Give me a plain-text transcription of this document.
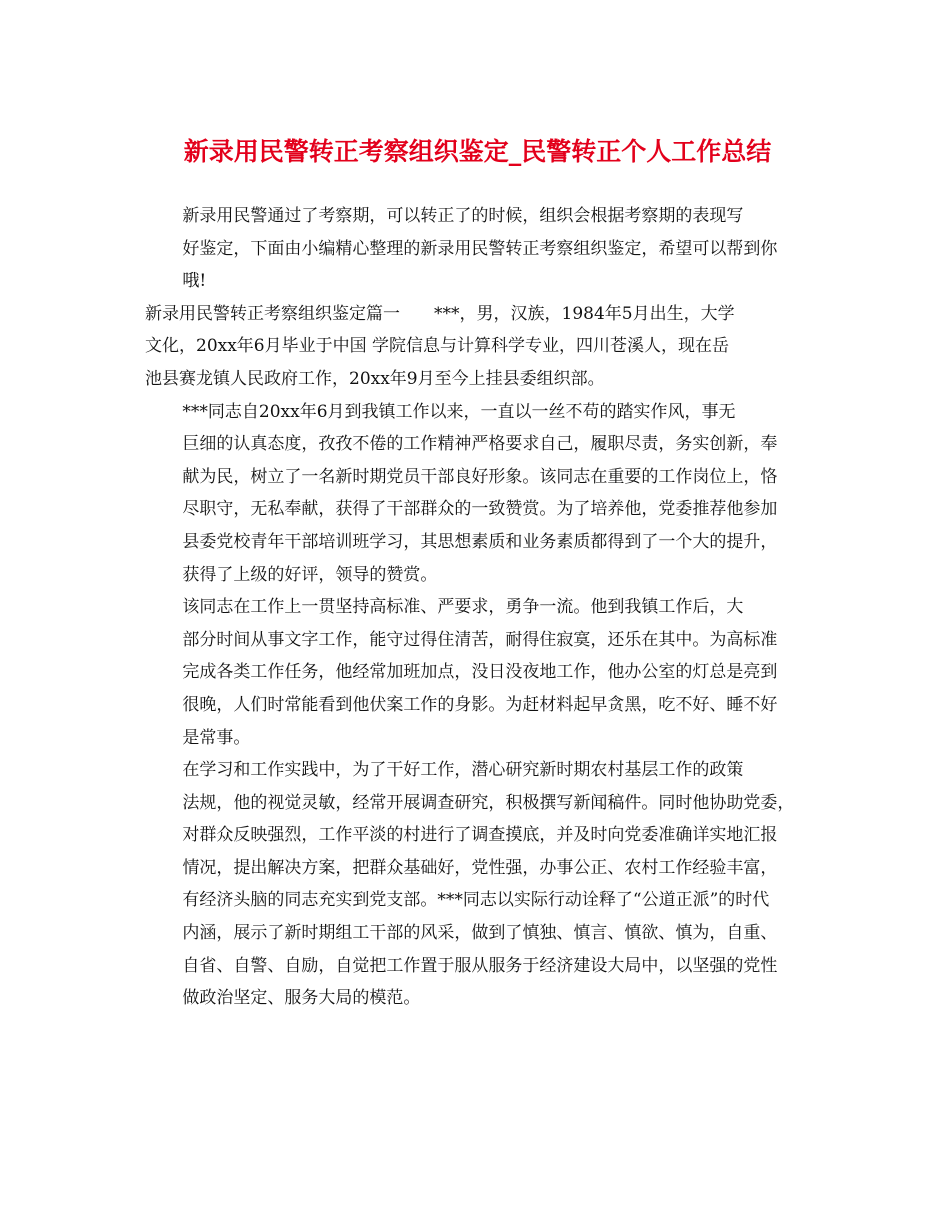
新录用民警转正考察组织鉴定_民警转正个人工作总结

新录用民警通过了考察期，可以转正了的时候，组织会根据考察期的表现写
好鉴定，下面由小编精心整理的新录用民警转正考察组织鉴定，希望可以帮到你
哦!

新录用民警转正考察组织鉴定篇一　　***，男，汉族，1984年5月出生，大学
文化，20xx年6月毕业于中国 学院信息与计算科学专业，四川苍溪人，现在岳
池县赛龙镇人民政府工作，20xx年9月至今上挂县委组织部。

***同志自20xx年6月到我镇工作以来，一直以一丝不苟的踏实作风，事无
巨细的认真态度，孜孜不倦的工作精神严格要求自己，履职尽责，务实创新，奉
献为民，树立了一名新时期党员干部良好形象。该同志在重要的工作岗位上，恪
尽职守，无私奉献，获得了干部群众的一致赞赏。为了培养他，党委推荐他参加
县委党校青年干部培训班学习，其思想素质和业务素质都得到了一个大的提升，
获得了上级的好评，领导的赞赏。

该同志在工作上一贯坚持高标准、严要求，勇争一流。他到我镇工作后，大
部分时间从事文字工作，能守过得住清苦，耐得住寂寞，还乐在其中。为高标准
完成各类工作任务，他经常加班加点，没日没夜地工作，他办公室的灯总是亮到
很晚，人们时常能看到他伏案工作的身影。为赶材料起早贪黑，吃不好、睡不好
是常事。

在学习和工作实践中，为了干好工作，潜心研究新时期农村基层工作的政策
法规，他的视觉灵敏，经常开展调查研究，积极撰写新闻稿件。同时他协助党委，
对群众反映强烈，工作平淡的村进行了调查摸底，并及时向党委准确详实地汇报
情况，提出解决方案，把群众基础好，党性强，办事公正、农村工作经验丰富，
有经济头脑的同志充实到党支部。***同志以实际行动诠释了“公道正派”的时代
内涵，展示了新时期组工干部的风采，做到了慎独、慎言、慎欲、慎为，自重、
自省、自警、自励，自觉把工作置于服从服务于经济建设大局中，以坚强的党性
做政治坚定、服务大局的模范。
